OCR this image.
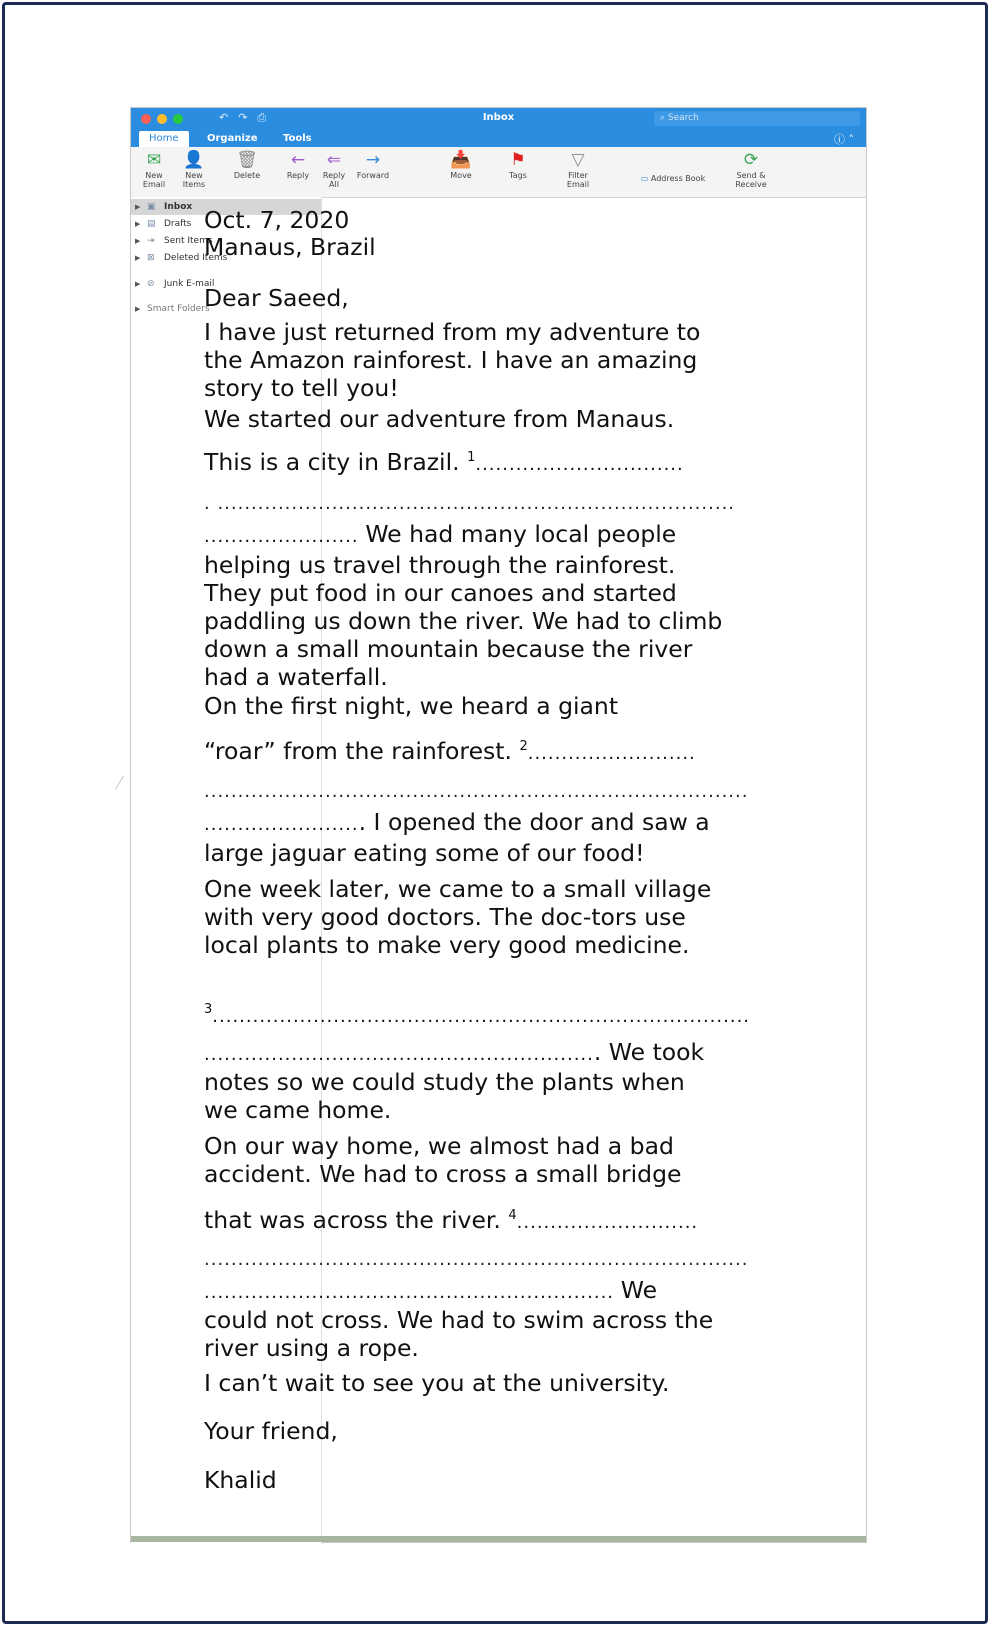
⁄
↶↷⎙	Inbox	⌕ Search
Home	Organize	Tools	ⓘ ˄
✉
New
Email
👤
New
Items
🗑
Delete
←
Reply
⇐
Reply
All
→
Forward
📥
Move
⚑
Tags
▽
Filter
Email
▭ Address Book
⟳
Send &
Receive
▶ ▣ Inbox
▶ ▤ Drafts
▶ ⇥ Sent Items
▶ ⊠ Deleted Items
▶ ⊘ Junk E-mail
▶ Smart Folders

Oct. 7, 2020

Manaus, Brazil

Dear Saeed,

I have just returned from my adventure to the Amazon rainforest. I have an amazing story to tell you!

We started our adventure from Manaus.

This is a city in Brazil. $^1$...............................

. .............................................................................

....................... We had many local people helping us travel through the rainforest. They put food in our canoes and started paddling us down the river. We had to climb down a small mountain because the river had a waterfall.

On the first night, we heard a giant

“roar” from the rainforest. $^2$.........................

.................................................................................

........................ I opened the door and saw a large jaguar eating some of our food!

One week later, we came to a small village with very good doctors. The doc-tors use local plants to make very good medicine.

$^3$................................................................................

........................................................... We took

notes so we could study the plants when we came home.

On our way home, we almost had a bad accident. We had to cross a small bridge

that was across the river. $^4$...........................

.................................................................................

............................................................. We

could not cross. We had to swim across the river using a rope.

I can’t wait to see you at the university.

Your friend,

Khalid
